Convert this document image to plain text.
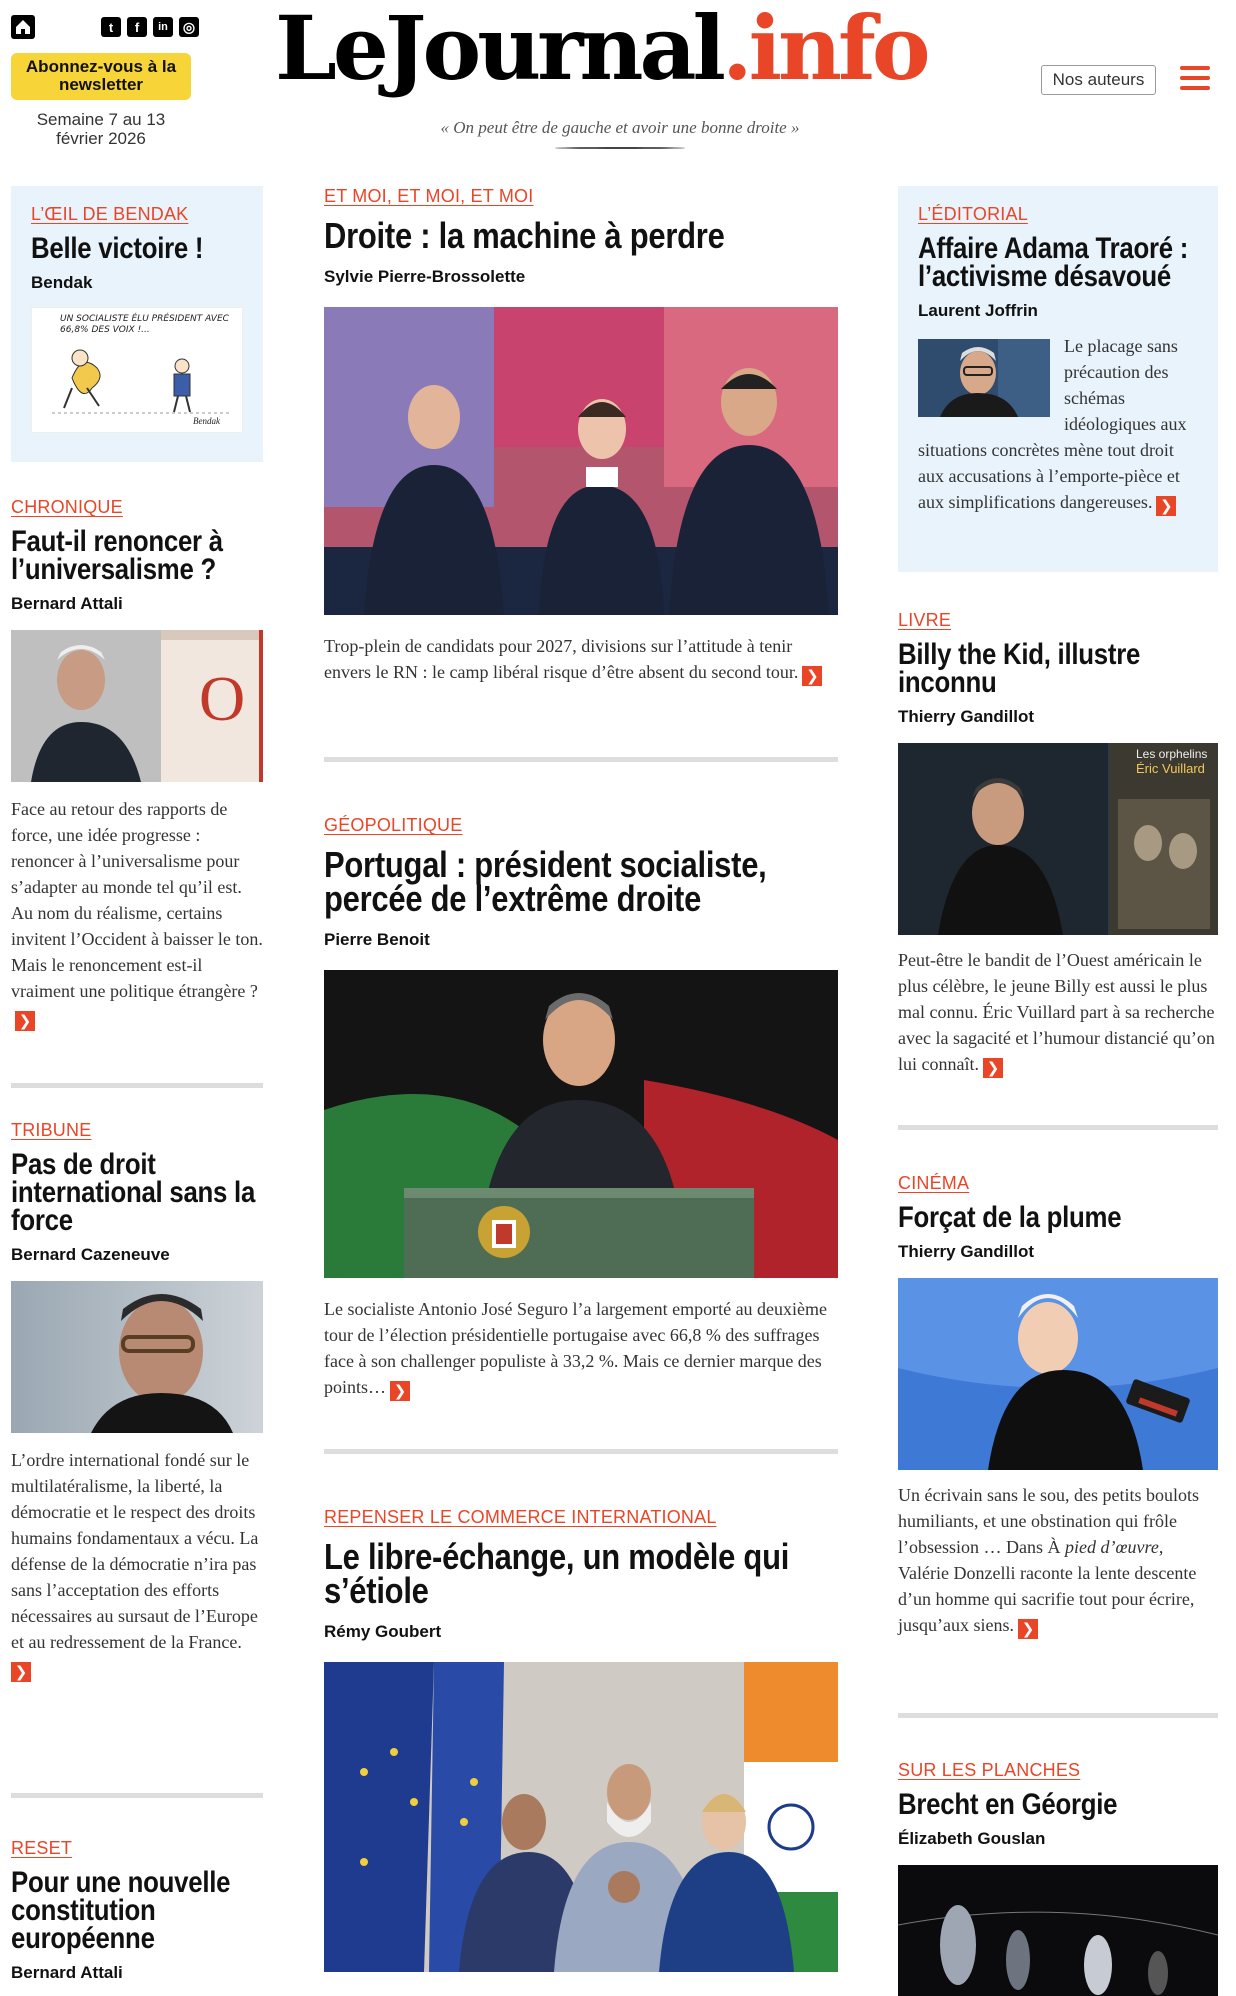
t	f	in	◎
Abonnez-vous à la newsletter
Semaine 7 au 13 février 2026
LeJournal.info
« On peut être de gauche et avoir une bonne droite »
Nos auteurs
L’ŒIL DE BENDAK
Belle victoire !
Bendak
UN SOCIALISTE ÉLU PRÉSIDENT AVEC 66,8% DES VOIX !...
Bendak
CHRONIQUE
Faut-il renoncer à l’universalisme ?
Bernard Attali
O
Face au retour des rapports de force, une idée progresse : renoncer à l’universalisme pour s’adapter au monde tel qu’il est. Au nom du réalisme, certains invitent l’Occident à baisser le ton. Mais le renoncement est-il vraiment une politique étrangère ?❯
TRIBUNE
Pas de droit international sans la force
Bernard Cazeneuve
L’ordre international fondé sur le multilatéralisme, la liberté, la démocratie et le respect des droits humains fondamentaux a vécu. La défense de la démocratie n’ira pas sans l’acceptation des efforts nécessaires au sursaut de l’Europe et au redressement de la France.
❯
RESET
Pour une nouvelle constitution européenne
Bernard Attali
ET MOI, ET MOI, ET MOI
Droite : la machine à perdre
Sylvie Pierre-Brossolette
Trop-plein de candidats pour 2027, divisions sur l’attitude à tenir envers le RN : le camp libéral risque d’être absent du second tour. ❯
GÉOPOLITIQUE
Portugal : président socialiste, percée de l’extrême droite
Pierre Benoit
Le socialiste Antonio José Seguro l’a largement emporté au deuxième tour de l’élection présidentielle portugaise avec 66,8 % des suffrages face à son challenger populiste à 33,2 %. Mais ce dernier marque des points… ❯
REPENSER LE COMMERCE INTERNATIONAL
Le libre-échange, un modèle qui s’étiole
Rémy Goubert
L’ÉDITORIAL
Affaire Adama Traoré : l’activisme désavoué
Laurent Joffrin
Le placage sans précaution des schémas idéologiques aux situations concrètes mène tout droit aux accusations à l’emporte-pièce et aux simplifications dangereuses. ❯
LIVRE
Billy the Kid, illustre inconnu
Thierry Gandillot
Les orphelins
Éric Vuillard
Peut-être le bandit de l’Ouest américain le plus célèbre, le jeune Billy est aussi le plus mal connu. Éric Vuillard part à sa recherche avec la sagacité et l’humour distancié qu’on lui connaît. ❯
CINÉMA
Forçat de la plume
Thierry Gandillot
Un écrivain sans le sou, des petits boulots humiliants, et une obstination qui frôle l’obsession … Dans À pied d’œuvre, Valérie Donzelli raconte la lente descente d’un homme qui sacrifie tout pour écrire, jusqu’aux siens. ❯
SUR LES PLANCHES
Brecht en Géorgie
Élizabeth Gouslan
